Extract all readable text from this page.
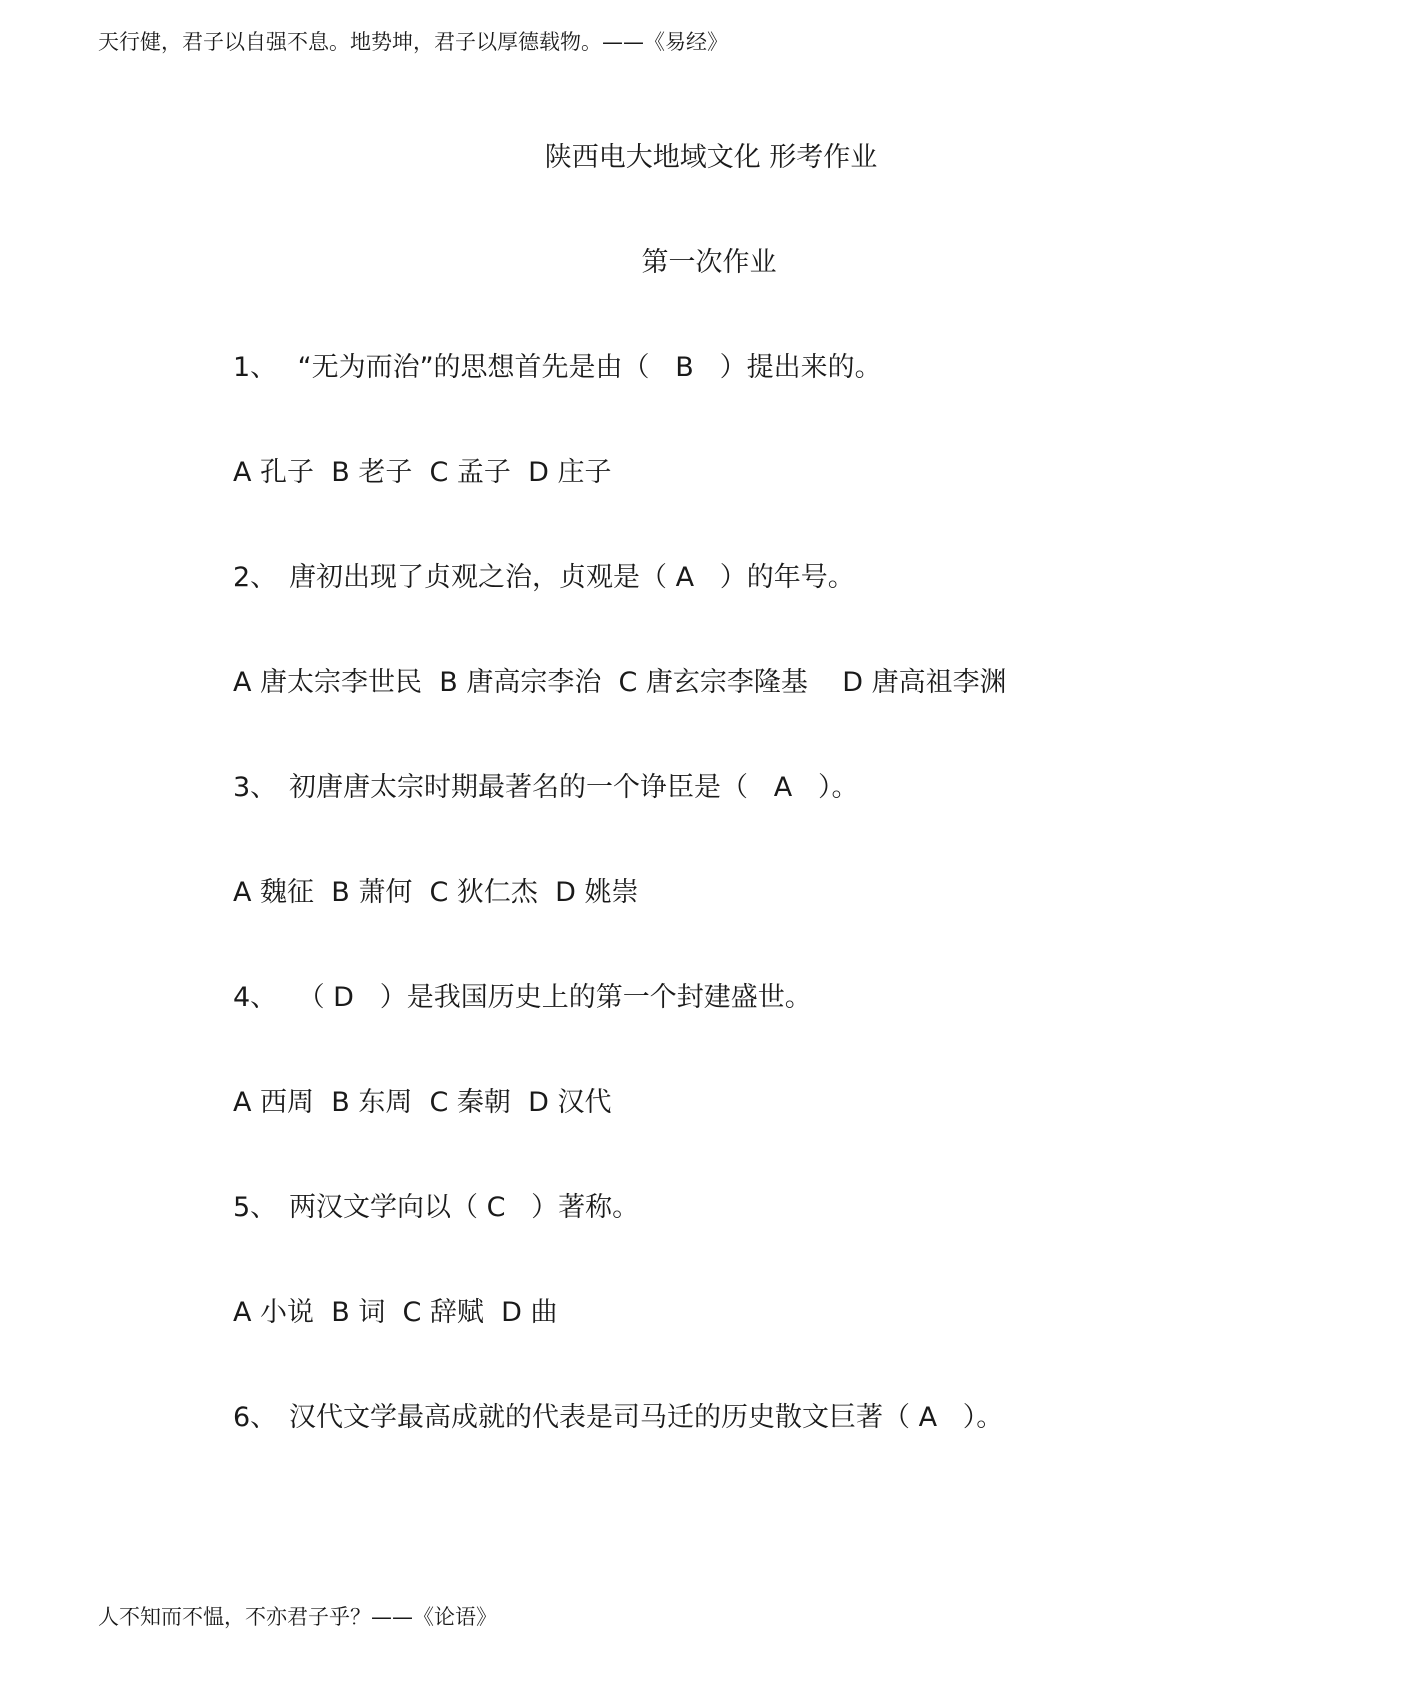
天行健，君子以自强不息。地势坤，君子以厚德载物。——《易经》
陕西电大地域文化 形考作业
第一次作业
1、 “无为而治”的思想首先是由（   B   ）提出来的。
A 孔子  B 老子  C 孟子  D 庄子
2、 唐初出现了贞观之治，贞观是（ A   ）的年号。
A 唐太宗李世民  B 唐高宗李治  C 唐玄宗李隆基    D 唐高祖李渊
3、 初唐唐太宗时期最著名的一个诤臣是（   A   ）。
A 魏征  B 萧何  C 狄仁杰  D 姚崇
4、 （ D   ）是我国历史上的第一个封建盛世。
A 西周  B 东周  C 秦朝  D 汉代
5、 两汉文学向以（ C   ）著称。
A 小说  B 词  C 辞赋  D 曲
6、 汉代文学最高成就的代表是司马迁的历史散文巨著（ A   ）。
人不知而不愠，不亦君子乎？——《论语》
